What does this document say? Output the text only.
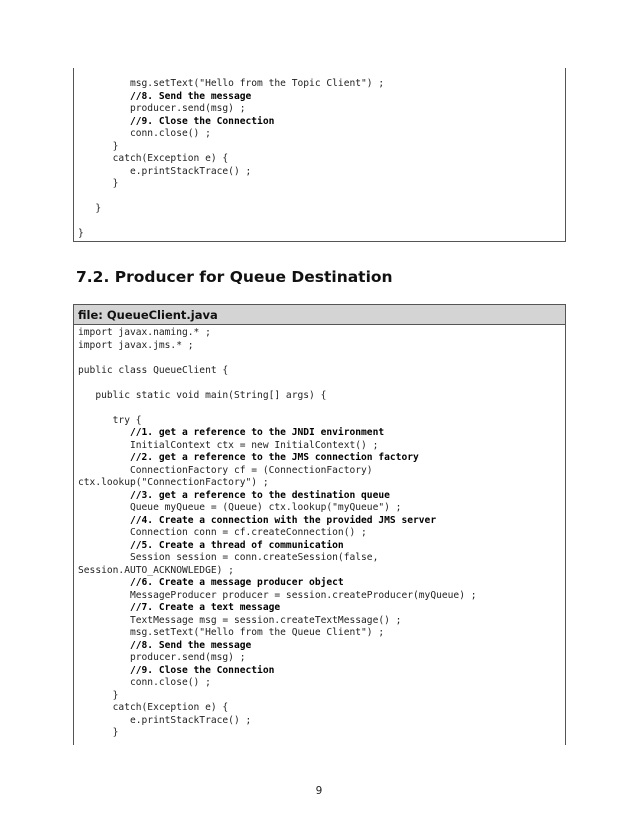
msg.setText("Hello from the Topic Client") ;
//8. Send the message
producer.send(msg) ;
//9. Close the Connection
conn.close() ;
}
catch(Exception e) {
e.printStackTrace() ;
}
}
}
7.2. Producer for Queue Destination
file: QueueClient.java
import javax.naming.* ;
import javax.jms.* ;
public class QueueClient {
public static void main(String[] args) {
try {
//1. get a reference to the JNDI environment
InitialContext ctx = new InitialContext() ;
//2. get a reference to the JMS connection factory
ConnectionFactory cf = (ConnectionFactory)
ctx.lookup("ConnectionFactory") ;
//3. get a reference to the destination queue
Queue myQueue = (Queue) ctx.lookup("myQueue") ;
//4. Create a connection with the provided JMS server
Connection conn = cf.createConnection() ;
//5. Create a thread of communication
Session session = conn.createSession(false,
Session.AUTO_ACKNOWLEDGE) ;
//6. Create a message producer object
MessageProducer producer = session.createProducer(myQueue) ;
//7. Create a text message
TextMessage msg = session.createTextMessage() ;
msg.setText("Hello from the Queue Client") ;
//8. Send the message
producer.send(msg) ;
//9. Close the Connection
conn.close() ;
}
catch(Exception e) {
e.printStackTrace() ;
}
9
